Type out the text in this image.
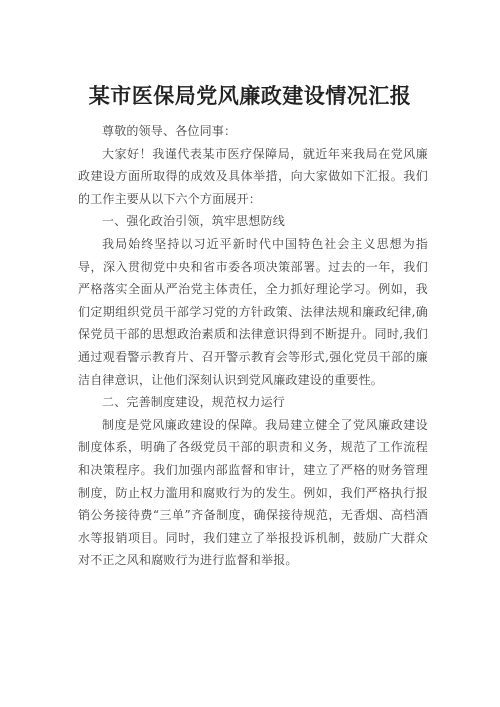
某市医保局党风廉政建设情况汇报

尊敬的领导、各位同事：

大家好！我谨代表某市医疗保障局，就近年来我局在党风廉政建设方面所取得的成效及具体举措，向大家做如下汇报。我们的工作主要从以下六个方面展开：

一、强化政治引领，筑牢思想防线

我局始终坚持以习近平新时代中国特色社会主义思想为指导，深入贯彻党中央和省市委各项决策部署。过去的一年，我们严格落实全面从严治党主体责任，全力抓好理论学习。例如，我们定期组织党员干部学习党的方针政策、法律法规和廉政纪律,确保党员干部的思想政治素质和法律意识得到不断提升。同时,我们通过观看警示教育片、召开警示教育会等形式,强化党员干部的廉洁自律意识，让他们深刻认识到党风廉政建设的重要性。

二、完善制度建设，规范权力运行

制度是党风廉政建设的保障。我局建立健全了党风廉政建设制度体系，明确了各级党员干部的职责和义务，规范了工作流程和决策程序。我们加强内部监督和审计，建立了严格的财务管理制度，防止权力滥用和腐败行为的发生。例如，我们严格执行报销公务接待费“三单”齐备制度，确保接待规范，无香烟、高档酒水等报销项目。同时，我们建立了举报投诉机制，鼓励广大群众对不正之风和腐败行为进行监督和举报。
